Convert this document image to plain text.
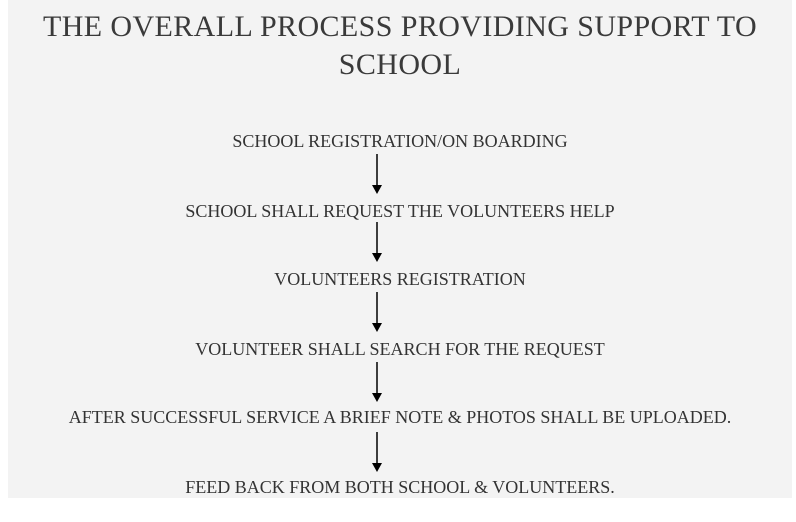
THE OVERALL PROCESS PROVIDING SUPPORT TO SCHOOL
SCHOOL REGISTRATION/ON BOARDING
SCHOOL SHALL REQUEST THE VOLUNTEERS HELP
VOLUNTEERS REGISTRATION
VOLUNTEER SHALL SEARCH FOR THE REQUEST
AFTER SUCCESSFUL SERVICE A BRIEF NOTE & PHOTOS SHALL BE UPLOADED.
FEED BACK FROM BOTH SCHOOL & VOLUNTEERS.
